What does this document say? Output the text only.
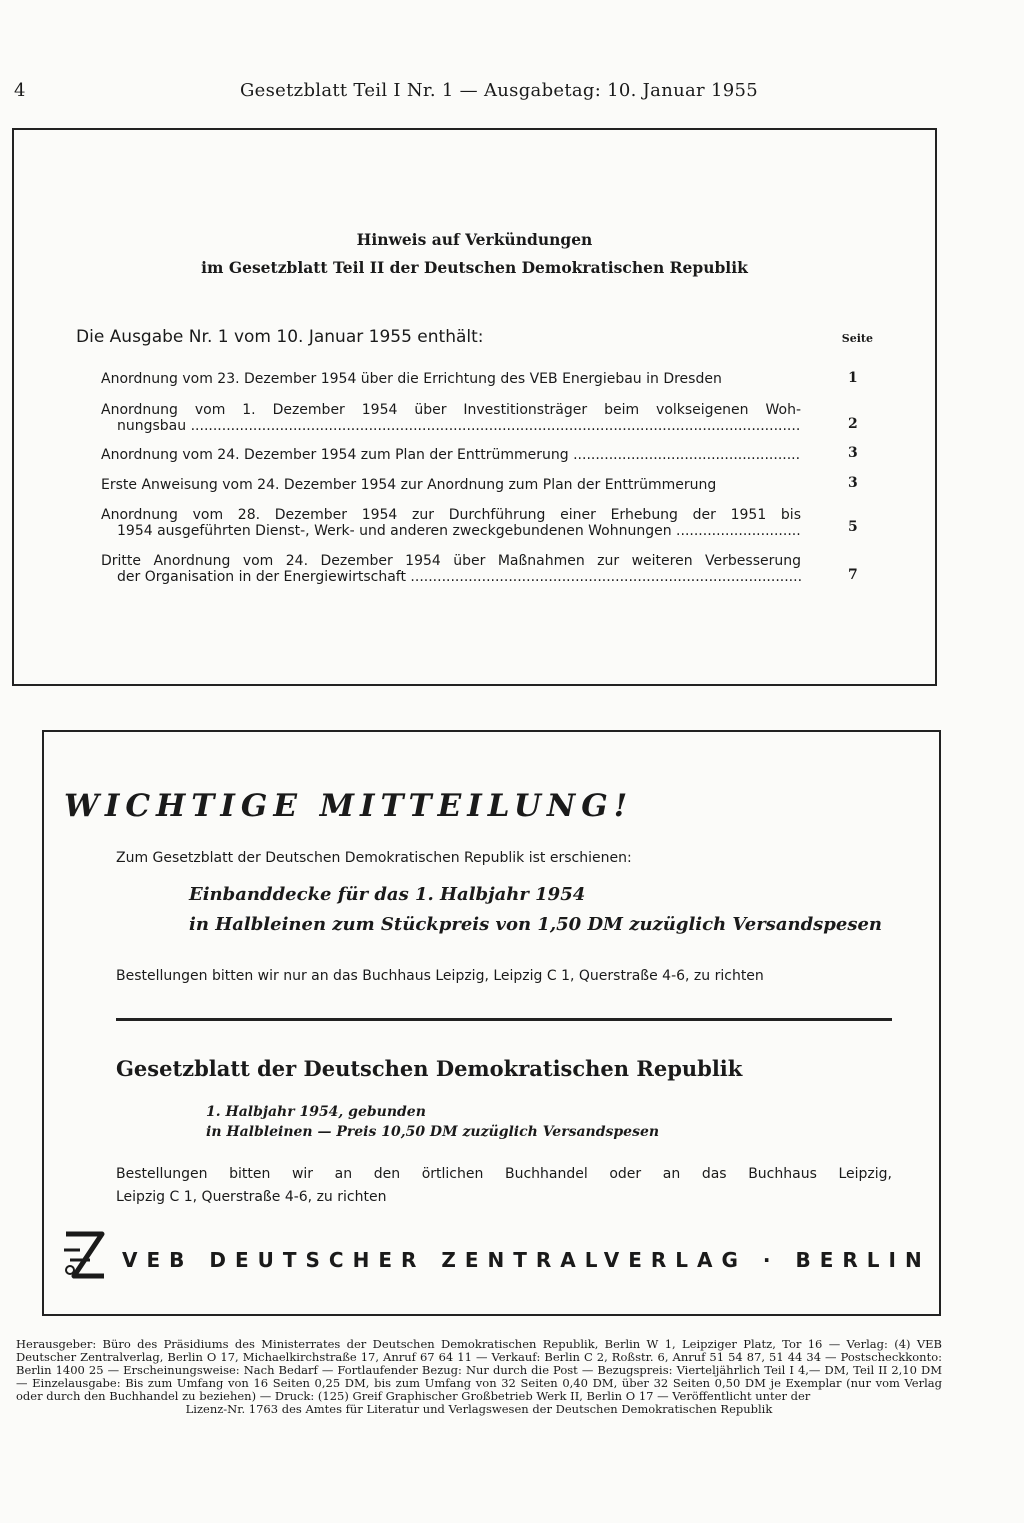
4	Gesetzblatt Teil I Nr. 1 — Ausgabetag: 10. Januar 1955
Hinweis auf Verkündungen
im Gesetzblatt Teil II der Deutschen Demokratischen Republik
Die Ausgabe Nr. 1 vom 10. Januar 1955 enthält:	Seite
Anordnung vom 23. Dezember 1954 über die Errichtung des VEB Energiebau in Dresden	1
Anordnung vom 1. Dezember 1954 über Investitionsträger beim volkseigenen Woh-
nungsbau .....	2
Anordnung vom 24. Dezember 1954 zum Plan der Enttrümmerung .....	3
Erste Anweisung vom 24. Dezember 1954 zur Anordnung zum Plan der Enttrümmerung	3
Anordnung vom 28. Dezember 1954 zur Durchführung einer Erhebung der 1951 bis
1954 ausgeführten Dienst-, Werk- und anderen zweckgebundenen Wohnungen .....	5
Dritte Anordnung vom 24. Dezember 1954 über Maßnahmen zur weiteren Verbesserung
der Organisation in der Energiewirtschaft .....	7
WICHTIGE MITTEILUNG!
Zum Gesetzblatt der Deutschen Demokratischen Republik ist erschienen:
Einbanddecke für das 1. Halbjahr 1954
in Halbleinen zum Stückpreis von 1,50 DM zuzüglich Versandspesen
Bestellungen bitten wir nur an das Buchhaus Leipzig, Leipzig C 1, Querstraße 4-6, zu richten
Gesetzblatt der Deutschen Demokratischen Republik
1. Halbjahr 1954, gebunden
in Halbleinen — Preis 10,50 DM zuzüglich Versandspesen
Bestellungen bitten wir an den örtlichen Buchhandel oder an das Buchhaus Leipzig,
Leipzig C 1, Querstraße 4-6, zu richten
VEB DEUTSCHER ZENTRALVERLAG · BERLIN
Herausgeber: Büro des Präsidiums des Ministerrates der Deutschen Demokratischen Republik, Berlin W 1, Leipziger Platz, Tor 16 — Verlag: (4) VEB Deutscher Zentralverlag, Berlin O 17, Michaelkirchstraße 17, Anruf 67 64 11 — Verkauf: Berlin C 2, Roßstr. 6, Anruf 51 54 87, 51 44 34 — Postscheckkonto: Berlin 1400 25 — Erscheinungsweise: Nach Bedarf — Fortlaufender Bezug: Nur durch die Post — Bezugspreis: Vierteljährlich Teil I 4,— DM, Teil II 2,10 DM — Einzelausgabe: Bis zum Umfang von 16 Seiten 0,25 DM, bis zum Umfang von 32 Seiten 0,40 DM, über 32 Seiten 0,50 DM je Exemplar (nur vom Verlag oder durch den Buchhandel zu beziehen) — Druck: (125) Greif Graphischer Großbetrieb Werk II, Berlin O 17 — Veröffentlicht unter der
Lizenz-Nr. 1763 des Amtes für Literatur und Verlagswesen der Deutschen Demokratischen Republik
